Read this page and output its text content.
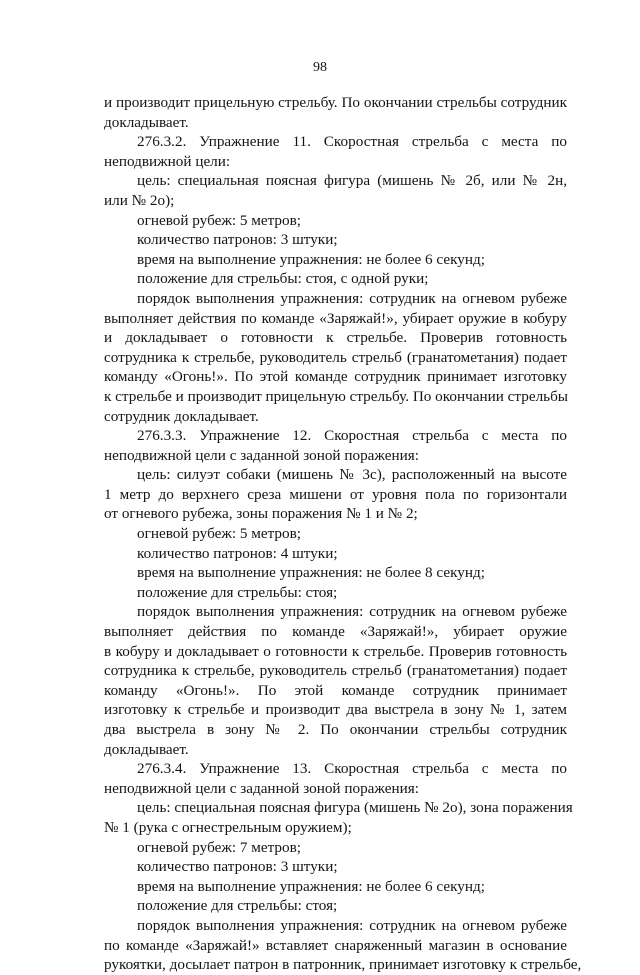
98
и производит прицельную стрельбу. По окончании стрельбы сотрудник
докладывает.
276.3.2. Упражнение 11. Скоростная стрельба с места по
неподвижной цели:
цель: специальная поясная фигура (мишень № 2б, или № 2н,
или № 2о);
огневой рубеж: 5 метров;
количество патронов: 3 штуки;
время на выполнение упражнения: не более 6 секунд;
положение для стрельбы: стоя, с одной руки;
порядок выполнения упражнения: сотрудник на огневом рубеже
выполняет действия по команде «Заряжай!», убирает оружие в кобуру
и докладывает о готовности к стрельбе. Проверив готовность
сотрудника к стрельбе, руководитель стрельб (гранатометания) подает
команду «Огонь!». По этой команде сотрудник принимает изготовку
к стрельбе и производит прицельную стрельбу. По окончании стрельбы
сотрудник докладывает.
276.3.3. Упражнение 12. Скоростная стрельба с места по
неподвижной цели с заданной зоной поражения:
цель: силуэт собаки (мишень № 3с), расположенный на высоте
1 метр до верхнего среза мишени от уровня пола по горизонтали
от огневого рубежа, зоны поражения № 1 и № 2;
огневой рубеж: 5 метров;
количество патронов: 4 штуки;
время на выполнение упражнения: не более 8 секунд;
положение для стрельбы: стоя;
порядок выполнения упражнения: сотрудник на огневом рубеже
выполняет действия по команде «Заряжай!», убирает оружие
в кобуру и докладывает о готовности к стрельбе. Проверив готовность
сотрудника к стрельбе, руководитель стрельб (гранатометания) подает
команду «Огонь!». По этой команде сотрудник принимает
изготовку к стрельбе и производит два выстрела в зону № 1, затем
два выстрела в зону № 2. По окончании стрельбы сотрудник
докладывает.
276.3.4. Упражнение 13. Скоростная стрельба с места по
неподвижной цели с заданной зоной поражения:
цель: специальная поясная фигура (мишень № 2о), зона поражения
№ 1 (рука с огнестрельным оружием);
огневой рубеж: 7 метров;
количество патронов: 3 штуки;
время на выполнение упражнения: не более 6 секунд;
положение для стрельбы: стоя;
порядок выполнения упражнения: сотрудник на огневом рубеже
по команде «Заряжай!» вставляет снаряженный магазин в основание
рукоятки, досылает патрон в патронник, принимает изготовку к стрельбе,
